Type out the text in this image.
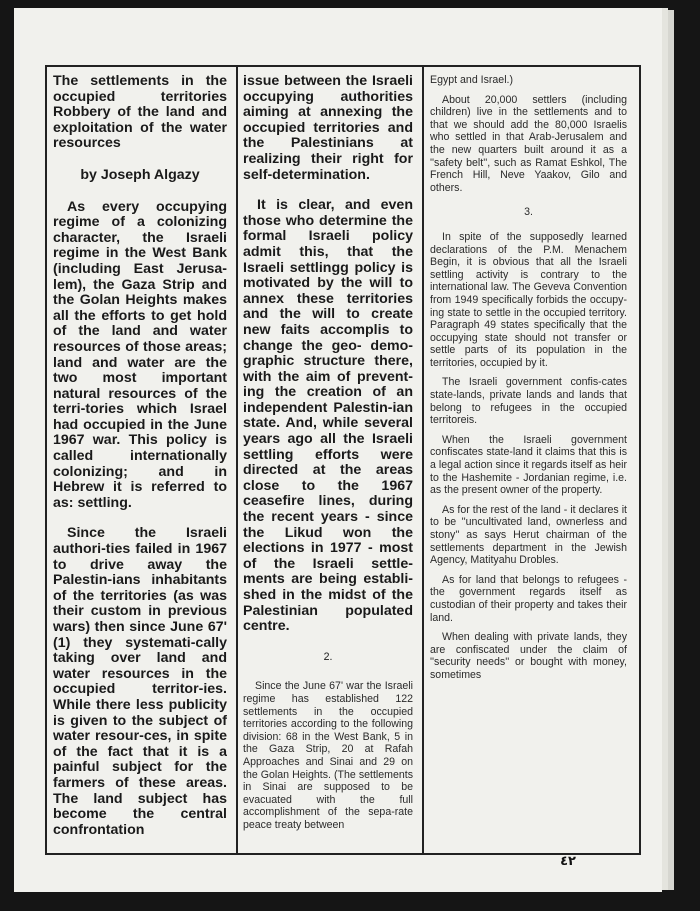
The settlements in the occupied territories Robbery of the land and exploitation of the water resources

by Joseph Algazy

As every occupying regime of a colonizing character, the Israeli regime in the West Bank (including East Jerusa-lem), the Gaza Strip and the Golan Heights makes all the efforts to get hold of the land and water resources of those areas; land and water are the two most important natural resources of the terri-tories which Israel had occupied in the June 1967 war. This policy is called internationally colonizing; and in Hebrew it is referred to as: settling.

Since the Israeli authori-ties failed in 1967 to drive away the Palestin-ians inhabitants of the territories (as was their custom in previous wars) then since June 67' (1) they systemati-cally taking over land and water resources in the occupied territor-ies. While there less publicity is given to the subject of water resour-ces, in spite of the fact that it is a painful subject for the farmers of these areas. The land subject has become the central confrontation

issue between the Israeli occupying authorities aiming at annexing the occupied territories and the Palestinians at realizing their right for self-determination.

It is clear, and even those who determine the formal Israeli policy admit this, that the Israeli settlingg policy is motivated by the will to annex these territories and the will to create new faits accomplis to change the geo- demo-graphic structure there, with the aim of prevent-ing the creation of an independent Palestin-ian state. And, while several years ago all the Israeli settling efforts were directed at the areas close to the 1967 ceasefire lines, during the recent years - since the Likud won the elections in 1977 - most of the Israeli settle-ments are being establi-shed in the midst of the Palestinian populated centre.

2.

Since the June 67' war the Israeli regime has established 122 settlements in the occupied territories according to the following division: 68 in the West Bank, 5 in the Gaza Strip, 20 at Rafah Approaches and Sinai and 29 on the Golan Heights. (The settlements in Sinai are supposed to be evacuated with the full accomplishment of the sepa-rate peace treaty between

Egypt and Israel.)

About 20,000 settlers (including children) live in the settlements and to that we should add the 80,000 Israelis who settled in that Arab-Jerusalem and the new quarters built around it as a ''safety belt'', such as Ramat Eshkol, The French Hill, Neve Yaakov, Gilo and others.

3.

In spite of the supposedly learned declarations of the P.M. Menachem Begin, it is obvious that all the Israeli settling activity is contrary to the international law. The Geveva Convention from 1949 specifically forbids the occupy-ing state to settle in the occupied territory. Paragraph 49 states specifically that the occupying state should not transfer or settle parts of its population in the territories, occupied by it.

The Israeli government confis-cates state-lands, private lands and lands that belong to refugees in the occupied territoreis.

When the Israeli government confiscates state-land it claims that this is a legal action since it regards itself as heir to the Hashemite - Jordanian regime, i.e. as the present owner of the property.

As for the rest of the land - it declares it to be ''uncultivated land, ownerless and stony'' as says Herut chairman of the settlements department in the Jewish Agency, Matityahu Drobles.

As for land that belongs to refugees - the government regards itself as custodian of their property and takes their land.

When dealing with private lands, they are confiscated under the claim of ''security needs'' or bought with money, sometimes

٤٢
